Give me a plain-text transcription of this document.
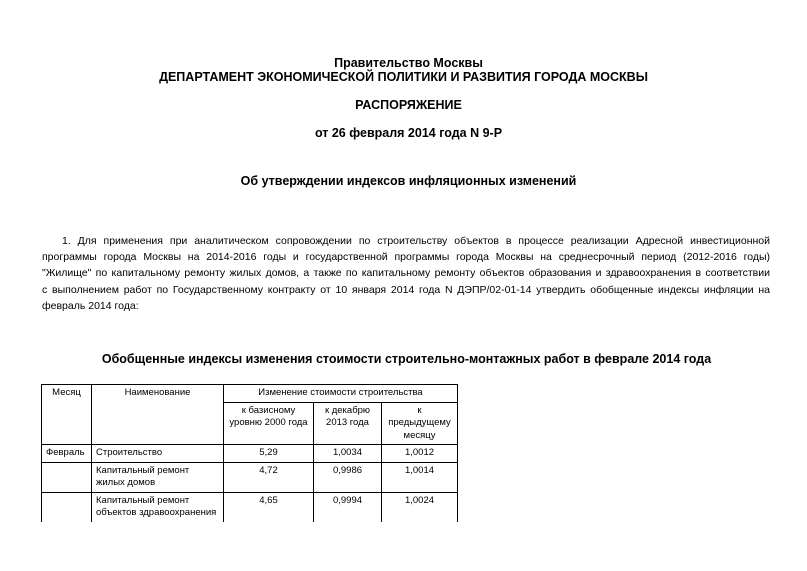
Правительство Москвы
ДЕПАРТАМЕНТ ЭКОНОМИЧЕСКОЙ ПОЛИТИКИ И РАЗВИТИЯ ГОРОДА МОСКВЫ
РАСПОРЯЖЕНИЕ
от 26 февраля 2014 года N 9-Р
Об утверждении индексов инфляционных изменений
1. Для применения при аналитическом сопровождении по строительству объектов в процессе реализации Адресной инвестиционной
программы города Москвы на 2014-2016 годы и государственной программы города Москвы на среднесрочный период (2012-2016 годы)
"Жилище" по капитальному ремонту жилых домов, а также по капитальному ремонту объектов образования и здравоохранения в соответствии
с выполнением работ по Государственному контракту от 10 января 2014 года N ДЭПР/02-01-14 утвердить обобщенные индексы инфляции на
февраль 2014 года:
Обобщенные индексы изменения стоимости строительно-монтажных работ в феврале 2014 года
Месяц	Наименование	Изменение стоимости строительства		
		к базисному уровню 2000 года	к декабрю 2013 года	к предыдущему месяцу
Февраль	Строительство	5,29	1,0034	1,0012
	Капитальный ремонт жилых домов	4,72	0,9986	1,0014
	Капитальный ремонт объектов здравоохранения	4,65	0,9994	1,0024
